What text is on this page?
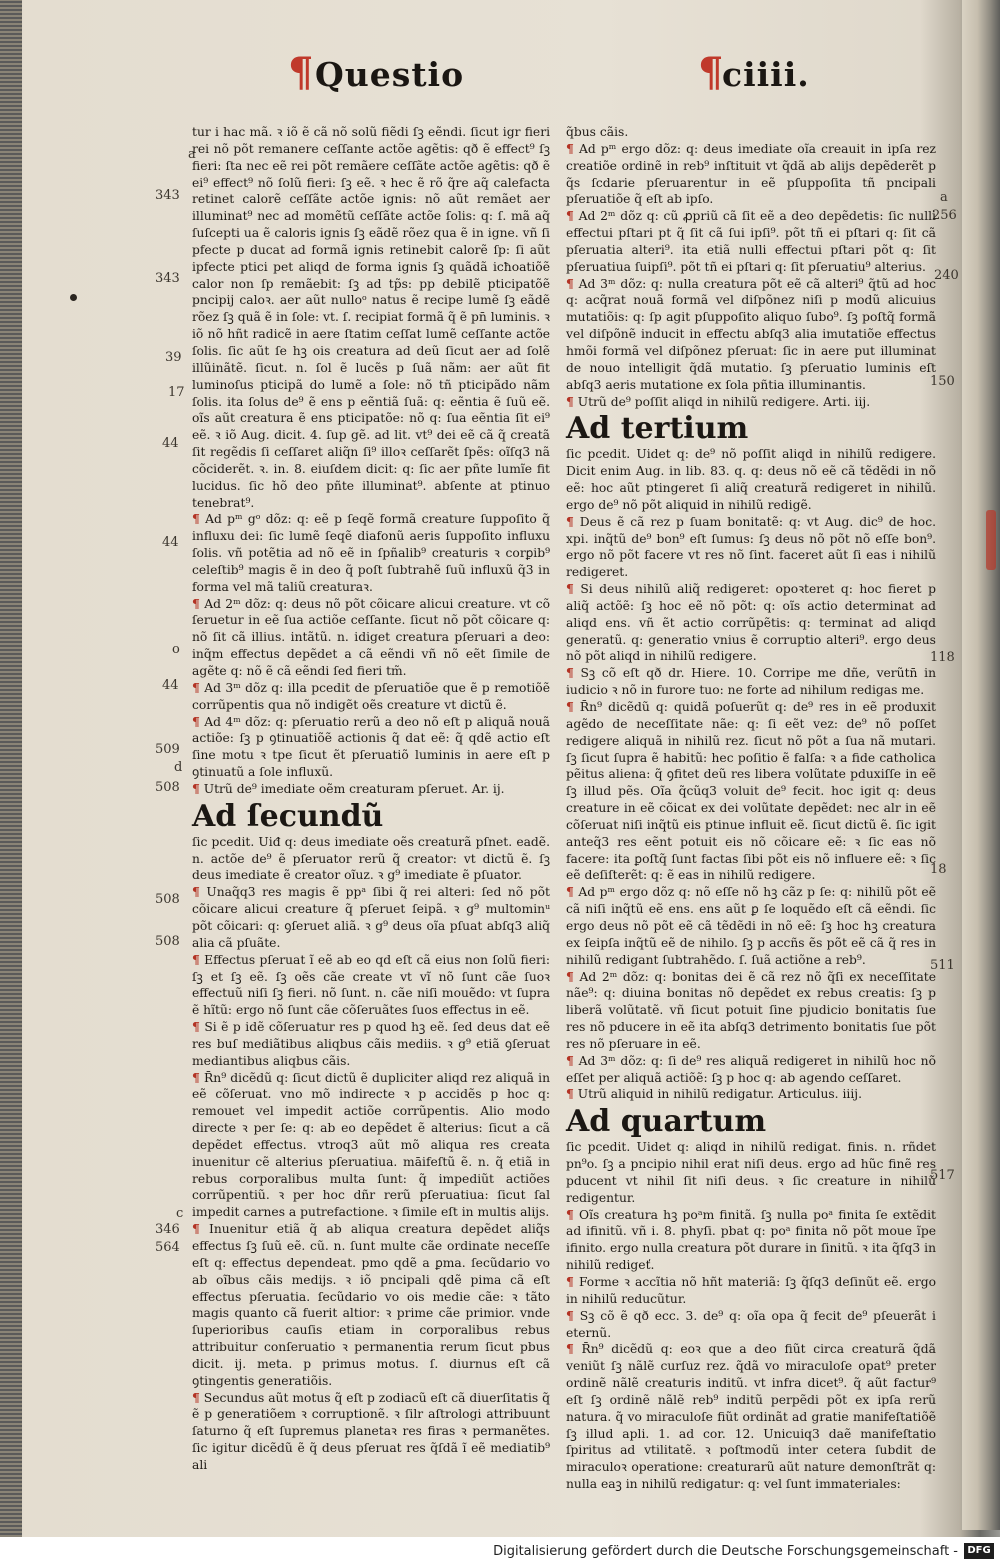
¶ Questio	¶
ciiii.
a
343
343
39
17
44
44
o
44
509
d
508
508
508
c
346
564
a
256
240
150
118
18
511
517

tur i hac mã. ꝛ iõ ẽ cã nõ solũ fiẽdi ſꝫ eẽndi. ſicut igr fieri rei nõ põt remanere ceſſante actõe agẽtis: qð ẽ effect⁹ ſꝫ fieri: ſta nec eẽ rei põt remãere ceſſãte actõe agẽtis: qð ẽ ei⁹ effect⁹ nõ ſolũ fieri: ſꝫ eẽ. ꝛ hec ẽ rõ q̃re aq̃ calefacta retinet calorẽ ceſſãte actõe ignis: nõ aũt remãet aer illuminat⁹ nec ad momẽtũ ceſſãte actõe ſolis: q: ſ. mã aq̃ ſuſcepti ua ẽ caloris ignis ſꝫ eãdẽ rõez qua ẽ in igne. vñ ſi pfecte p ducat ad formã ignis retinebit calorẽ ſp: ſi aũt ipfecte ptici pet aliqd de forma ignis ſꝫ quãdã icħoatiõẽ calor non ſp remãebit: ſꝫ ad tp̃s: pp debilẽ pticipatõẽ pncipij caloꝛ. aer aũt nulloᵒ natus ẽ recipe lumẽ ſꝫ eãdẽ rõez ſꝫ quã ẽ in ſole: vt. ſ. recipiat formã q̃ ẽ pn̄ luminis. ꝛ iõ nõ hñt radicẽ in aere ſtatim ceſſat lumẽ ceſſante actõe ſolis. ſic aũt ſe hꝫ ois creatura ad deũ ſicut aer ad ſolẽ illũinãtẽ. ſicut. n. ſol ẽ lucẽs p ſuã nãm: aer aũt fit luminoſus pticipã do lumẽ a ſole: nõ tñ pticipãdo nãm ſolis. ita ſolus de⁹ ẽ ens p eẽntiã ſuã: q: eẽntia ẽ ſuũ eẽ. oĩs aũt creatura ẽ ens pticipatõe: nõ q: ſua eẽntia ſit ei⁹ eẽ. ꝛ iõ Aug. dicit. 4. ſup gẽ. ad lit. vt⁹ dei eẽ cã q̃ creatã ſit regẽdis ſi ceſſaret aliq̃n ſi⁹ illoꝛ ceſſarẽt ſpẽs: oĩſq3 nã cõciderẽt. ꝛ. in. 8. eiuſdem dicit: q: ſic aer pñte lumĩe fit lucidus. ſic hõ deo pñte illuminat⁹. abſente at ptinuo tenebrat⁹.

¶ Ad pᵐ gᵒ dõz: q: eẽ p ſeqẽ formã creature ſuppoſito q̃ influxu dei: ſic lumẽ ſeqẽ diafonũ aeris ſuppoſito influxu ſolis. vñ potẽtia ad nõ eẽ in ſpñalib⁹ creaturis ꝛ corꝑib⁹ celeſtib⁹ magis ẽ in deo q̃ poſt ſubtrahẽ ſuũ influxũ q̃3 in forma vel mã taliũ creaturaꝛ.

¶ Ad 2ᵐ dõz: q: deus nõ põt cõicare alicui creature. vt cõ ſeruetur in eẽ ſua actiõe ceſſante. ſicut nõ põt cõicare q: nõ ſit cã illius. intãtũ. n. idiget creatura pſeruari a deo: inq̃m effectus depẽdet a cã eẽndi vñ nõ eẽt ſimile de agẽte q: nõ ẽ cã eẽndi ſed fieri tm̃.

¶ Ad 3ᵐ dõz q: illa pcedit de pſeruatiõe que ẽ p remotiõẽ corrũpentis qua nõ indigẽt oẽs creature vt dictũ ẽ.

¶ Ad 4ᵐ dõz: q: pſeruatio rerũ a deo nõ eſt p aliquã nouã actiõe: ſꝫ p ꝯtinuatiõẽ actionis q̃ dat eẽ: q̃ qdẽ actio eſt ſine motu ꝛ tpe ſicut ẽt pſeruatiõ luminis in aere eſt p ꝯtinuatũ a ſole influxũ.

¶ Utrũ de⁹ imediate oẽm creaturam pſeruet. Ar. ij.

Ad ſecundũ

ſic pcedit. Uiđ q: deus imediate oẽs creaturã pſnet. eadẽ. n. actõe de⁹ ẽ pſeruator rerũ q̃ creator: vt dictũ ẽ. ſꝫ deus imediate ẽ creator oĩuz. ꝛ g⁹ imediate ẽ pſuator.

¶ Unaq̃q3 res magis ẽ ppᵃ ſibi q̃ rei alteri: ſed nõ põt cõicare alicui creature q̃ pſeruet ſeipã. ꝛ g⁹ multominᵘ põt cõicari: q: ꝯſeruet aliã. ꝛ g⁹ deus oĩa pſuat abſq3 aliq̃ alia cã pſuãte.

¶ Effectus pſeruat ĩ eẽ ab eo qd eſt cã eius non ſolũ fieri: ſꝫ et ſꝫ eẽ. ſꝫ oẽs cãe create vt vĩ nõ ſunt cãe ſuoꝛ effectuũ niſi ſꝫ fieri. nõ ſunt. n. cãe niſi mouẽdo: vt ſupra ẽ hĩtũ: ergo nõ ſunt cãe cõſeruãtes ſuos effectus in eẽ.

¶ Si ẽ p idẽ cõſeruatur res p quod hꝫ eẽ. ſed deus dat eẽ res buſ mediãtibus aliqbus cãis mediis. ꝛ g⁹ etiã ꝯſeruat mediantibus aliqbus cãis.

¶ R̄n⁹ dicẽdũ q: ſicut dictũ ẽ dupliciter aliqd rez aliquã in eẽ cõſeruat. vno mõ indirecte ꝛ p accidẽs p hoc q: remouet vel impedit actiõe corrũpentis. Alio modo directe ꝛ per ſe: q: ab eo depẽdet ẽ alterius: ſicut a cã depẽdet effectus. vtroq3 aũt mõ aliqua res creata inuenitur cẽ alterius pſeruatiua. māifeſtũ ẽ. n. q̃ etiã in rebus corporalibus multa ſunt: q̃ impediũt actiões corrũpentiũ. ꝛ per hoc dñr rerũ pſeruatiua: ſicut ſal impedit carnes a putrefactione. ꝛ ſimile eſt in multis alijs.

¶ Inuenitur etiã q̃ ab aliqua creatura depẽdet aliq̃s effectus ſꝫ ſuũ eẽ. cũ. n. ſunt multe cãe ordinate neceſſe eſt q: effectus dependeat. pmo qdẽ a ꝑma. ſecũdario vo ab oĩbus cãis medijs. ꝛ iõ pncipali qdẽ pima cã eſt effectus pſeruatia. ſecũdario vo ois medie cãe: ꝛ tãto magis quanto cã fuerit altior: ꝛ prime cãe primior. vnde ſuperioribus cauſis etiam in corporalibus rebus attribuitur conſeruatio ꝛ permanentia rerum ſicut pbus dicit. ij. meta. p primus motus. ſ. diurnus eſt cã ꝯtingentis generatiõis.

¶ Secundus aũt motus q̃ eſt p zodiacũ eſt cã diuerſitatis q̃ ẽ p generatiõem ꝛ corruptionẽ. ꝛ ſilr aſtrologi attribuunt ſaturno q̃ eſt ſupremus planetaꝛ res firas ꝛ permanẽtes. ſic igitur dicẽdũ ẽ q̃ deus pſeruat res q̃ſdã ĩ eẽ mediatib⁹ ali

q̃bus cãis.

¶ Ad pᵐ ergo dõz: q: deus imediate oĩa creauit in ipſa rez creatiõe ordinẽ in reb⁹ inſtituit vt q̃dã ab alijs depẽderẽt p q̃s ſcdarie pſeruarentur in eẽ pſuppoſita tñ pncipali pſeruatiõe q̃ eſt ab ipſo.

¶ Ad 2ᵐ dõz q: cũ ꝓpriũ cã ſit eẽ a deo depẽdetis: ſic nulli effectui pſtari pt q̃ ſit cã ſui ipſi⁹. põt tñ ei pſtari q: ſit cã pſeruatia alteri⁹. ita etiã nulli effectui pſtari põt q: ſit pſeruatiua ſuipſi⁹. põt tñ ei pſtari q: ſit pſeruatiu⁹ alterius.

¶ Ad 3ᵐ dõz: q: nulla creatura põt eẽ cã alteri⁹ q̃tũ ad hoc q: acq̃rat nouã formã vel diſpõnez niſi p modũ alicuius mutatiõis: q: ſp agit pſuppoſito aliquo ſubo⁹. ſꝫ poſtq̃ formã vel diſpõnẽ inducit in effectu abſq3 alia imutatiõe effectus hmõi formã vel diſpõnez pſeruat: ſic in aere put illuminat de nouo intelligit q̃dã mutatio. ſꝫ pſeruatio luminis eſt abſq3 aeris mutatione ex ſola pñtia illuminantis.

¶ Utrũ de⁹ poſſit aliqd in nihilũ redigere. Arti. iij.

Ad tertium

ſic pcedit. Uidet q: de⁹ nõ poſſit aliqd in nihilũ redigere. Dicit enim Aug. in lib. 83. q. q: deus nõ eẽ cã tẽdẽdi in nõ eẽ: hoc aũt ptingeret ſi aliq̃ creaturã redigeret in nihilũ. ergo de⁹ nõ põt aliquid in nihilũ redigẽ.

¶ Deus ẽ cã rez p ſuam bonitatẽ: q: vt Aug. dic⁹ de hoc. xpi. inq̃tũ de⁹ bon⁹ eſt ſumus: ſꝫ deus nõ põt nõ eſſe bon⁹. ergo nõ põt facere vt res nõ ſint. faceret aũt ſi eas i nihilũ redigeret.

¶ Si deus nihilũ aliq̃ redigeret: opoꝛteret q: hoc fieret p aliq̃ actõẽ: ſꝫ hoc eẽ nõ põt: q: oĩs actio determinat ad aliqd ens. vñ ẽt actio corrũpẽtis: q: terminat ad aliqd generatũ. q: generatio vnius ẽ corruptio alteri⁹. ergo deus nõ põt aliqd in nihilũ redigere.

¶ Sꝫ cõ eſt qð dr. Hiere. 10. Corripe me dñe, verũtn̄ in iudicio ꝛ nõ in furore tuo: ne forte ad nihilum redigas me.

¶ R̄n⁹ dicẽdũ q: quidã poſuerũt q: de⁹ res in eẽ produxit agẽdo de neceſſitate nãe: q: ſi eẽt vez: de⁹ nõ poſſet redigere aliquã in nihilũ rez. ſicut nõ põt a ſua nã mutari. ſꝫ ſicut ſupra ẽ habitũ: hec poſitio ẽ falſa: ꝛ a fide catholica pẽitus aliena: q̃ ꝯfitet deũ res libera volũtate pduxiſſe in eẽ ſꝫ illud pẽs. Oĩa q̃cũq3 voluit de⁹ fecit. hoc igit q: deus creature in eẽ cõicat ex dei volũtate depẽdet: nec alr in eẽ cõſeruat niſi inq̃tũ eis ptinue influit eẽ. ſicut dictũ ẽ. ſic igit anteq̃3 res eẽnt potuit eis nõ cõicare eẽ: ꝛ ſic eas nõ facere: ita ꝑoſtq̃ ſunt factas ſibi põt eis nõ influere eẽ: ꝛ ſic eẽ deſiſterẽt: q: ẽ eas in nihilũ redigere.

¶ Ad pᵐ ergo dõz q: nõ eſſe nõ hꝫ cãz p ſe: q: nihilũ põt eẽ cã niſi inq̃tũ eẽ ens. ens aũt ꝑ ſe loquẽdo eſt cã eẽndi. ſic ergo deus nõ põt eẽ cã tẽdẽdi in nõ eẽ: ſꝫ hoc hꝫ creatura ex ſeipſa inq̃tũ eẽ de nihilo. ſꝫ p accñs ẽs põt eẽ cã q̃ res in nihilũ redigant ſubtrahẽdo. ſ. ſuã actiõne a reb⁹.

¶ Ad 2ᵐ dõz: q: bonitas dei ẽ cã rez nõ q̃ſi ex neceſſitate nãe⁹: q: diuina bonitas nõ depẽdet ex rebus creatis: ſꝫ p liberã volũtatẽ. vñ ſicut potuit ſine pjudicio bonitatis ſue res nõ pducere in eẽ ita abſq3 detrimento bonitatis ſue põt res nõ pſeruare in eẽ.

¶ Ad 3ᵐ dõz: q: ſi de⁹ res aliquã redigeret in nihilũ hoc nõ eſſet per aliquã actiõẽ: ſꝫ p hoc q: ab agendo ceſſaret.

¶ Utrũ aliquid in nihilũ redigatur. Articulus. iiij.

Ad quartum

ſic pcedit. Uidet q: aliqd in nihilũ redigat. finis. n. rñdet pn⁹o. ſꝫ a pncipio nihil erat niſi deus. ergo ad hũc finẽ res pducent vt nihil ſit niſi deus. ꝛ ſic creature in nihilũ redigentur.

¶ Oĩs creatura hꝫ poᵃm finitã. ſꝫ nulla poᵃ finita ſe extẽdit ad ifinitũ. vñ i. 8. phyſi. pbat q: poᵃ finita nõ põt moue ĩpe ifinito. ergo nulla creatura põt durare in ſinitũ. ꝛ ita q̃ſq3 in nihilũ redigeť.

¶ Forme ꝛ accĩtia nõ hñt materiã: ſꝫ q̃ſq3 deſinũt eẽ. ergo in nihilũ reducũtur.

¶ Sꝫ cõ ẽ qð ecc. 3. de⁹ q: oĩa opa q̃ fecit de⁹ pſeuerãt i eternũ.

¶ R̄n⁹ dicẽdũ q: eoꝛ que a deo fiũt circa creaturã q̃dã veniũt ſꝫ nãlẽ curſuz rez. q̃dã vo miraculoſe opat⁹ preter ordinẽ nãlẽ creaturis inditũ. vt infra dicet⁹. q̃ aũt factur⁹ eſt ſꝫ ordinẽ nãlẽ reb⁹ inditũ perpẽdi põt ex ipſa rerũ natura. q̃ vo miraculoſe fiũt ordinãt ad gratie manifeſtatiõẽ ſꝫ illud apli. 1. ad cor. 12. Unicuiq3 daẽ manifeſtatio ſpiritus ad vtilitatẽ. ꝛ poſtmodũ inter cetera ſubdit de miraculoꝛ operatione: creaturarũ aũt nature demonſtrãt q: nulla eaꝫ in nihilũ redigatur: q: vel ſunt immateriales:

Digitalisierung gefördert durch die Deutsche Forschungsgemeinschaft - DFG
